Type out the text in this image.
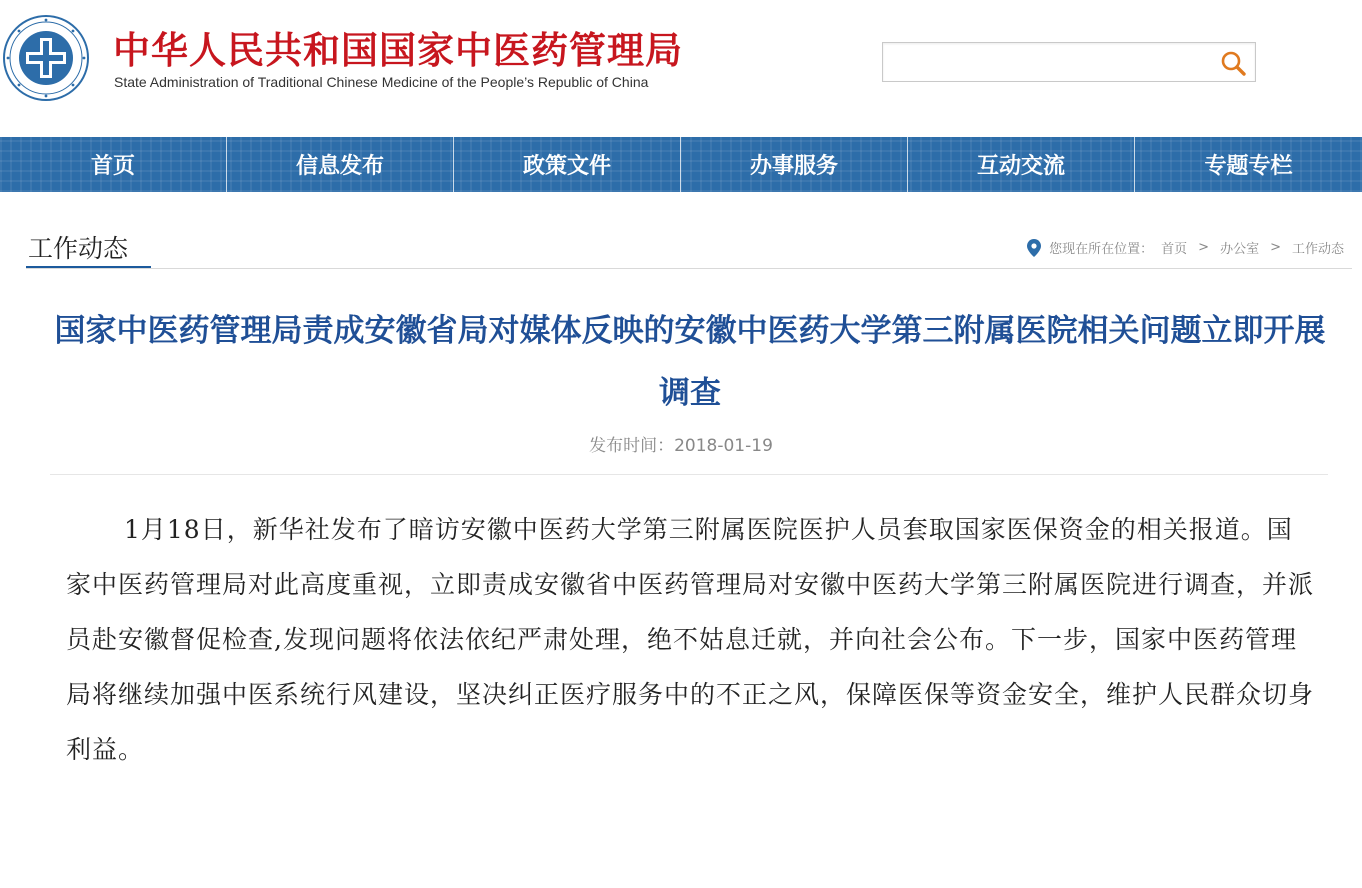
中华人民共和国国家中医药管理局
State Administration of Traditional Chinese Medicine of the People’s Republic of China
首页	信息发布	政策文件	办事服务	互动交流	专题专栏
工作动态	您现在所在位置： 首页 > 办公室 > 工作动态
国家中医药管理局责成安徽省局对媒体反映的安徽中医药大学第三附属医院相关问题立即开展调查
发布时间：2018-01-19
1月18日，新华社发布了暗访安徽中医药大学第三附属医院医护人员套取国家医保资金的相关报道。国家中医药管理局对此高度重视，立即责成安徽省中医药管理局对安徽中医药大学第三附属医院进行调查，并派员赴安徽督促检查,发现问题将依法依纪严肃处理，绝不姑息迁就，并向社会公布。下一步，国家中医药管理局将继续加强中医系统行风建设，坚决纠正医疗服务中的不正之风，保障医保等资金安全，维护人民群众切身利益。
